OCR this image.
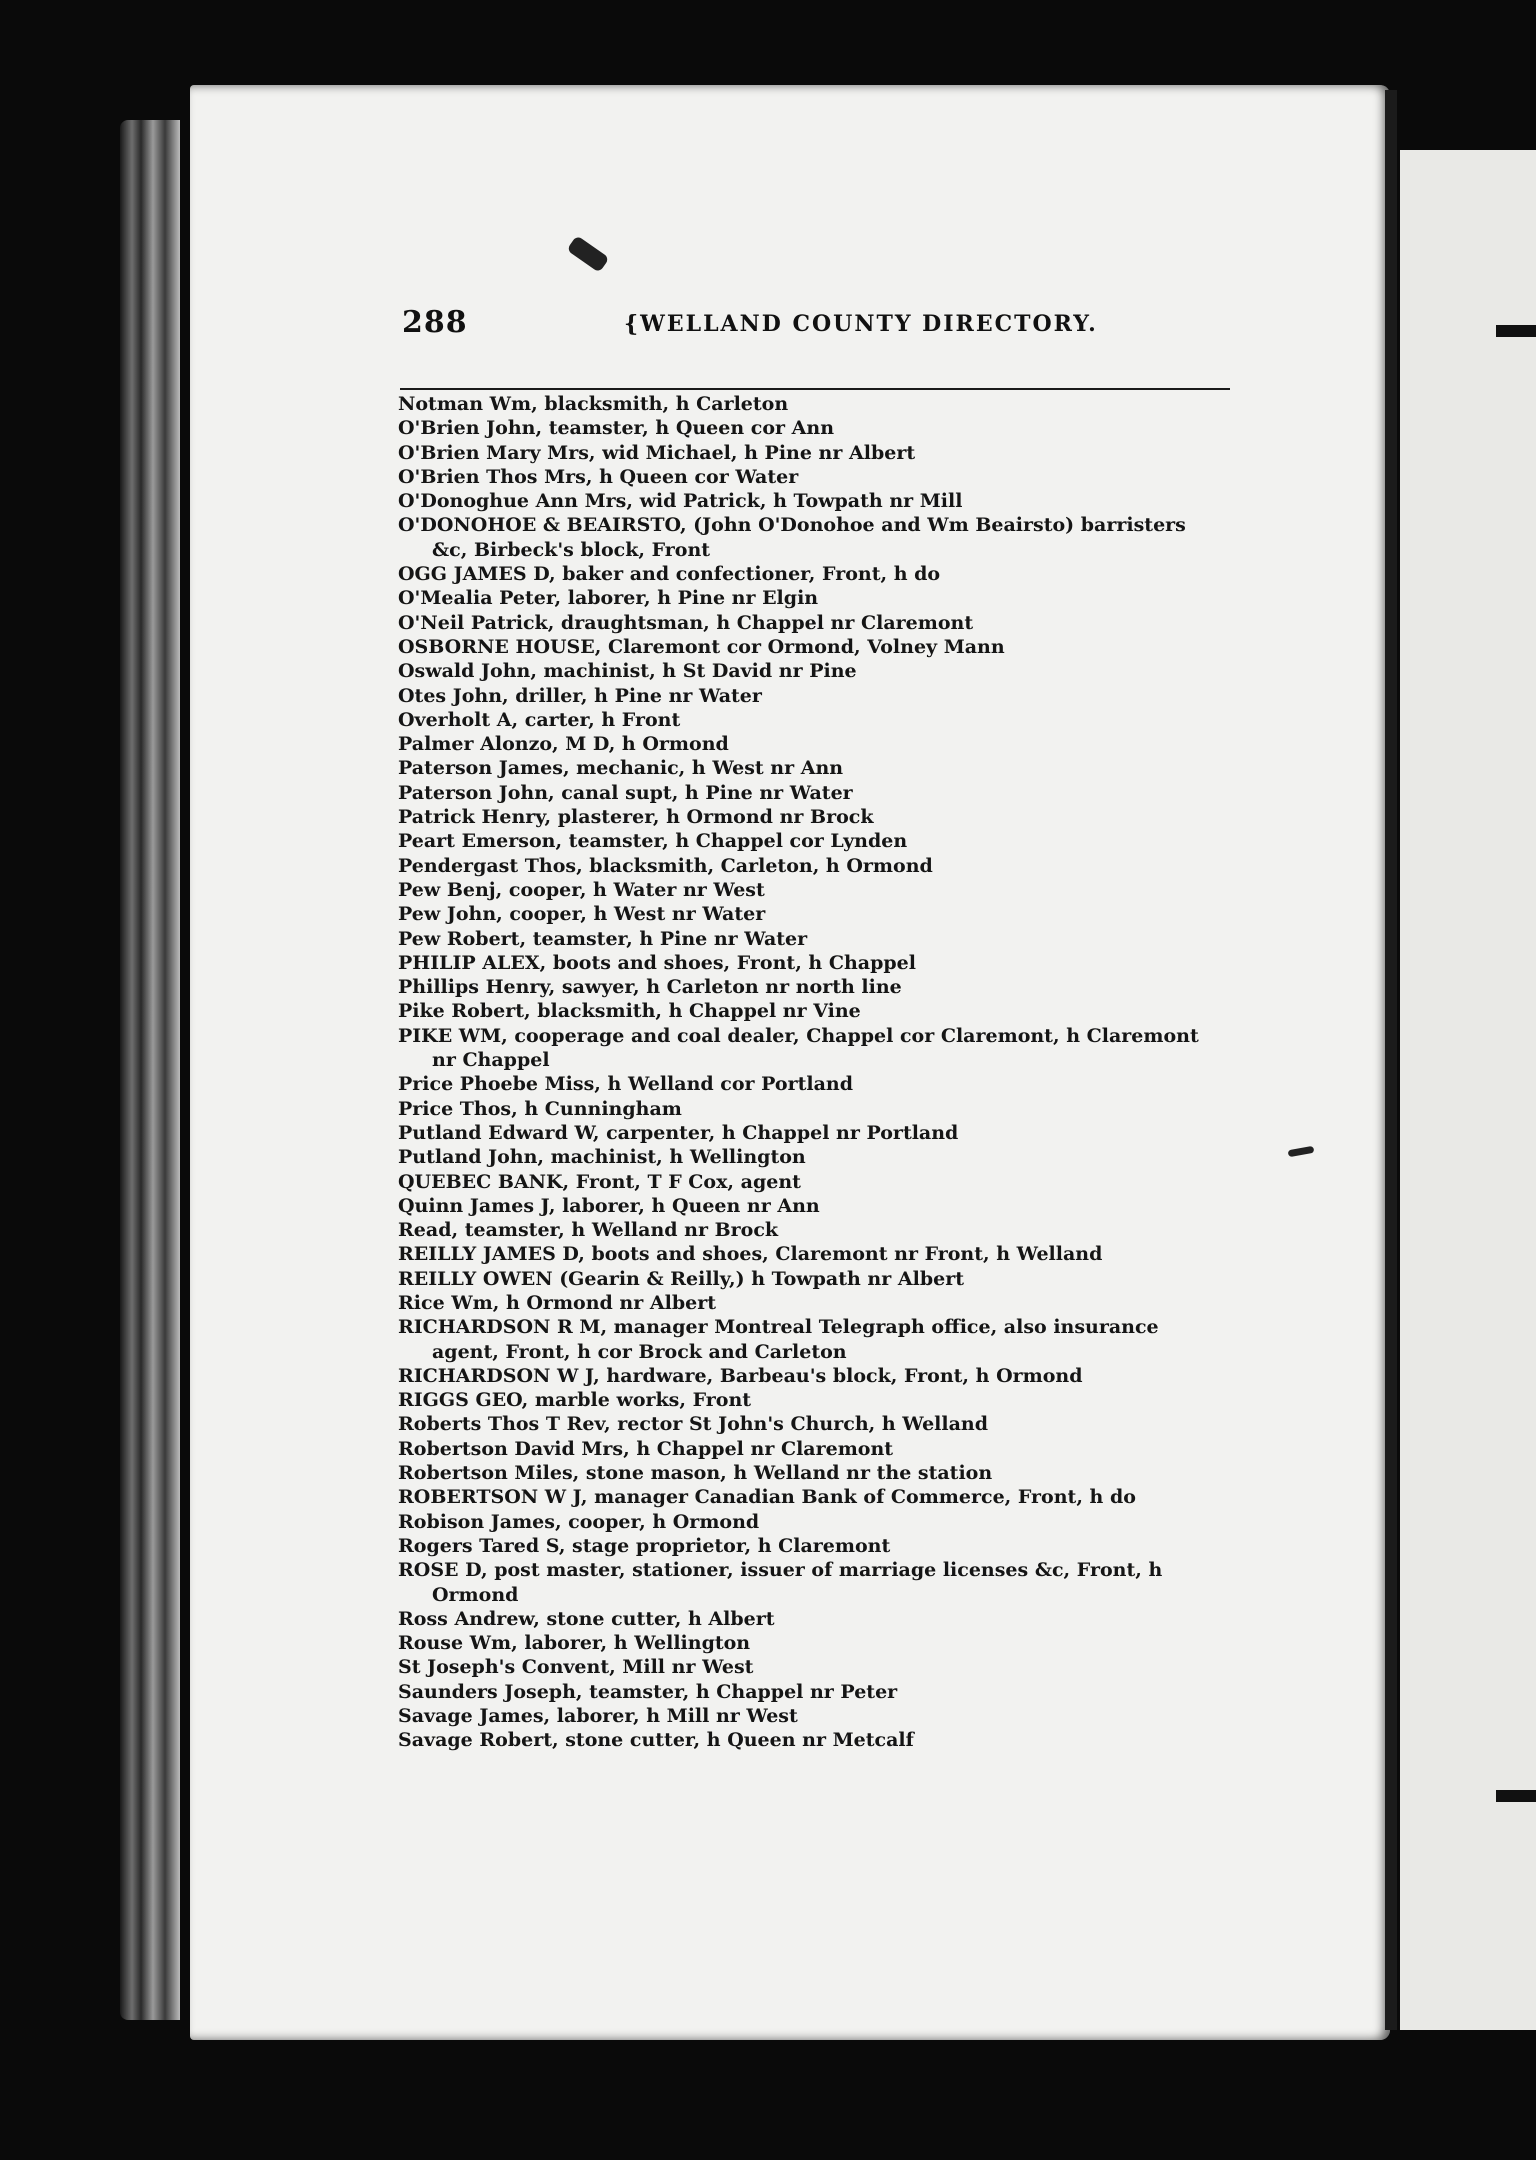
288	{WELLAND COUNTY DIRECTORY.
Notman Wm, blacksmith, h Carleton
O'Brien John, teamster, h Queen cor Ann
O'Brien Mary Mrs, wid Michael, h Pine nr Albert
O'Brien Thos Mrs, h Queen cor Water
O'Donoghue Ann Mrs, wid Patrick, h Towpath nr Mill
O'DONOHOE & BEAIRSTO, (John O'Donohoe and Wm Beairsto) barristers &c, Birbeck's block, Front
OGG JAMES D, baker and confectioner, Front, h do
O'Mealia Peter, laborer, h Pine nr Elgin
O'Neil Patrick, draughtsman, h Chappel nr Claremont
OSBORNE HOUSE, Claremont cor Ormond, Volney Mann
Oswald John, machinist, h St David nr Pine
Otes John, driller, h Pine nr Water
Overholt A, carter, h Front
Palmer Alonzo, M D, h Ormond
Paterson James, mechanic, h West nr Ann
Paterson John, canal supt, h Pine nr Water
Patrick Henry, plasterer, h Ormond nr Brock
Peart Emerson, teamster, h Chappel cor Lynden
Pendergast Thos, blacksmith, Carleton, h Ormond
Pew Benj, cooper, h Water nr West
Pew John, cooper, h West nr Water
Pew Robert, teamster, h Pine nr Water
PHILIP ALEX, boots and shoes, Front, h Chappel
Phillips Henry, sawyer, h Carleton nr north line
Pike Robert, blacksmith, h Chappel nr Vine
PIKE WM, cooperage and coal dealer, Chappel cor Claremont, h Claremont nr Chappel
Price Phoebe Miss, h Welland cor Portland
Price Thos, h Cunningham
Putland Edward W, carpenter, h Chappel nr Portland
Putland John, machinist, h Wellington
QUEBEC BANK, Front, T F Cox, agent
Quinn James J, laborer, h Queen nr Ann
Read, teamster, h Welland nr Brock
REILLY JAMES D, boots and shoes, Claremont nr Front, h Welland
REILLY OWEN (Gearin & Reilly,) h Towpath nr Albert
Rice Wm, h Ormond nr Albert
RICHARDSON R M, manager Montreal Telegraph office, also insurance agent, Front, h cor Brock and Carleton
RICHARDSON W J, hardware, Barbeau's block, Front, h Ormond
RIGGS GEO, marble works, Front
Roberts Thos T Rev, rector St John's Church, h Welland
Robertson David Mrs, h Chappel nr Claremont
Robertson Miles, stone mason, h Welland nr the station
ROBERTSON W J, manager Canadian Bank of Commerce, Front, h do
Robison James, cooper, h Ormond
Rogers Tared S, stage proprietor, h Claremont
ROSE D, post master, stationer, issuer of marriage licenses &c, Front, h Ormond
Ross Andrew, stone cutter, h Albert
Rouse Wm, laborer, h Wellington
St Joseph's Convent, Mill nr West
Saunders Joseph, teamster, h Chappel nr Peter
Savage James, laborer, h Mill nr West
Savage Robert, stone cutter, h Queen nr Metcalf
